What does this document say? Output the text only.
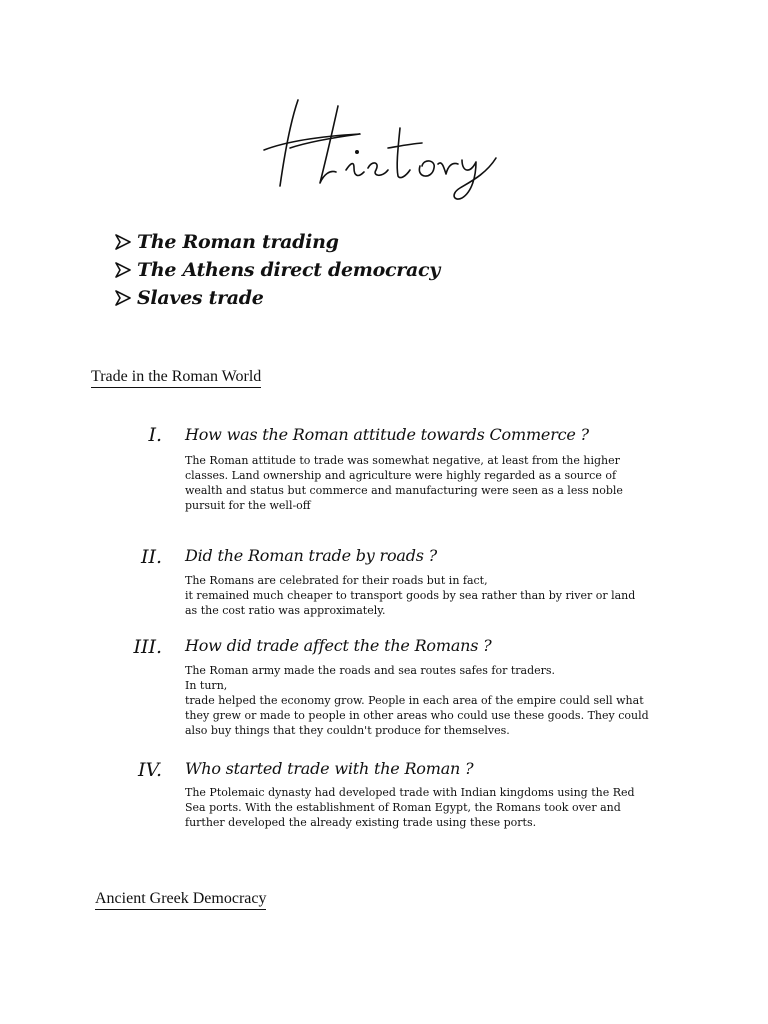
The Roman trading
The Athens direct democracy
Slaves trade
Trade in the Roman World
I. How was the Roman attitude towards Commerce ?
The Roman attitude to trade was somewhat negative, at least from the higher
classes. Land ownership and agriculture were highly regarded as a source of
wealth and status but commerce and manufacturing were seen as a less noble
pursuit for the well-off
II. Did the Roman trade by roads ?
The Romans are celebrated for their roads but in fact,
it remained much cheaper to transport goods by sea rather than by river or land
as the cost ratio was approximately.
III. How did trade affect the the Romans ?
The Roman army made the roads and sea routes safes for traders.
In turn,
trade helped the economy grow. People in each area of the empire could sell what
they grew or made to people in other areas who could use these goods. They could
also buy things that they couldn't produce for themselves.
IV. Who started trade with the Roman ?
The Ptolemaic dynasty had developed trade with Indian kingdoms using the Red
Sea ports. With the establishment of Roman Egypt, the Romans took over and
further developed the already existing trade using these ports.
Ancient Greek Democracy
